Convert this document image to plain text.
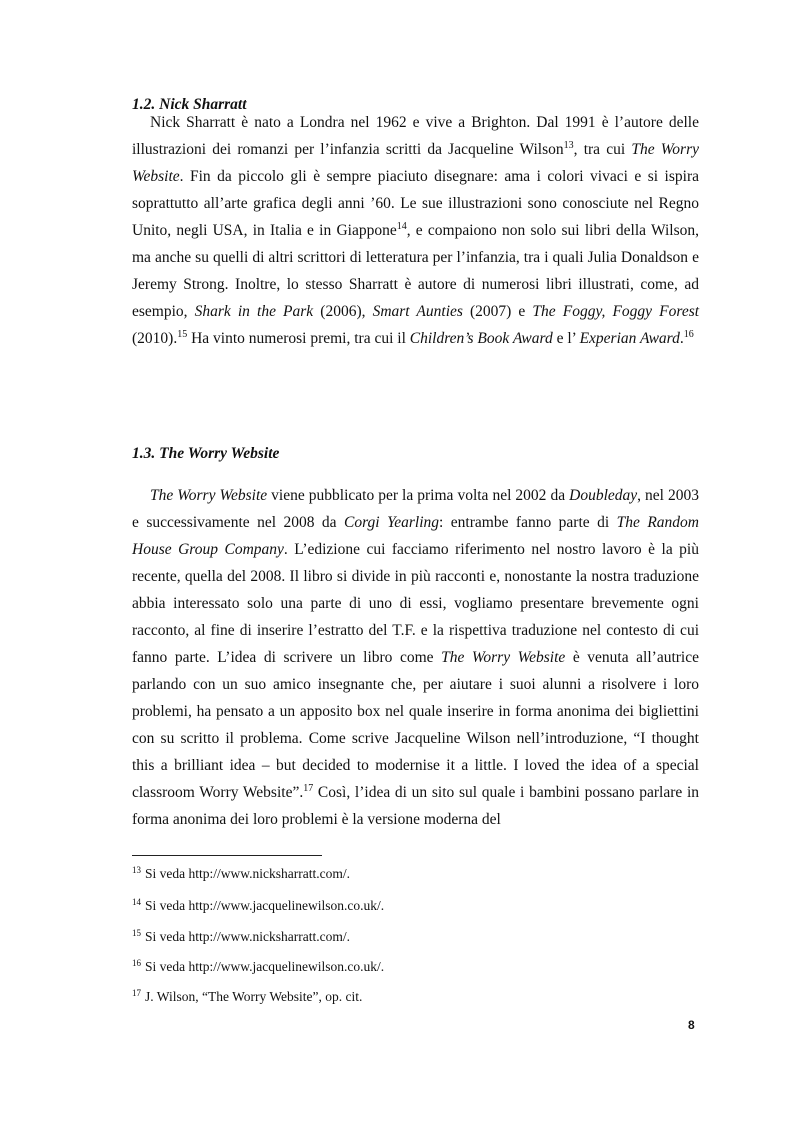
1.2. Nick Sharratt

Nick Sharratt è nato a Londra nel 1962 e vive a Brighton. Dal 1991 è l’autore delle illustrazioni dei romanzi per l’infanzia scritti da Jacqueline Wilson$^{13}$, tra cui The Worry Website. Fin da piccolo gli è sempre piaciuto disegnare: ama i colori vivaci e si ispira soprattutto all’arte grafica degli anni ’60. Le sue illustrazioni sono conosciute nel Regno Unito, negli USA, in Italia e in Giappone$^{14}$, e compaiono non solo sui libri della Wilson, ma anche su quelli di altri scrittori di letteratura per l’infanzia, tra i quali Julia Donaldson e Jeremy Strong. Inoltre, lo stesso Sharratt è autore di numerosi libri illustrati, come, ad esempio, Shark in the Park (2006), Smart Aunties (2007) e The Foggy, Foggy Forest (2010).$^{15}$ Ha vinto numerosi premi, tra cui il Children’s Book Award e l’ Experian Award.$^{16}$

1.3. The Worry Website

The Worry Website viene pubblicato per la prima volta nel 2002 da Doubleday, nel 2003 e successivamente nel 2008 da Corgi Yearling: entrambe fanno parte di The Random House Group Company. L’edizione cui facciamo riferimento nel nostro lavoro è la più recente, quella del 2008. Il libro si divide in più racconti e, nonostante la nostra traduzione abbia interessato solo una parte di uno di essi, vogliamo presentare brevemente ogni racconto, al fine di inserire l’estratto del T.F. e la rispettiva traduzione nel contesto di cui fanno parte. L’idea di scrivere un libro come The Worry Website è venuta all’autrice parlando con un suo amico insegnante che, per aiutare i suoi alunni a risolvere i loro problemi, ha pensato a un apposito box nel quale inserire in forma anonima dei bigliettini con su scritto il problema. Come scrive Jacqueline Wilson nell’introduzione, “I thought this a brilliant idea – but decided to modernise it a little. I loved the idea of a special classroom Worry Website”.$^{17}$ Così, l’idea di un sito sul quale i bambini possano parlare in forma anonima dei loro problemi è la versione moderna del

$^{13}$ Si veda http://www.nicksharratt.com/.

$^{14}$ Si veda http://www.jacquelinewilson.co.uk/.

$^{15}$ Si veda http://www.nicksharratt.com/.

$^{16}$ Si veda http://www.jacquelinewilson.co.uk/.

$^{17}$ J. Wilson, “The Worry Website”, op. cit.

8
